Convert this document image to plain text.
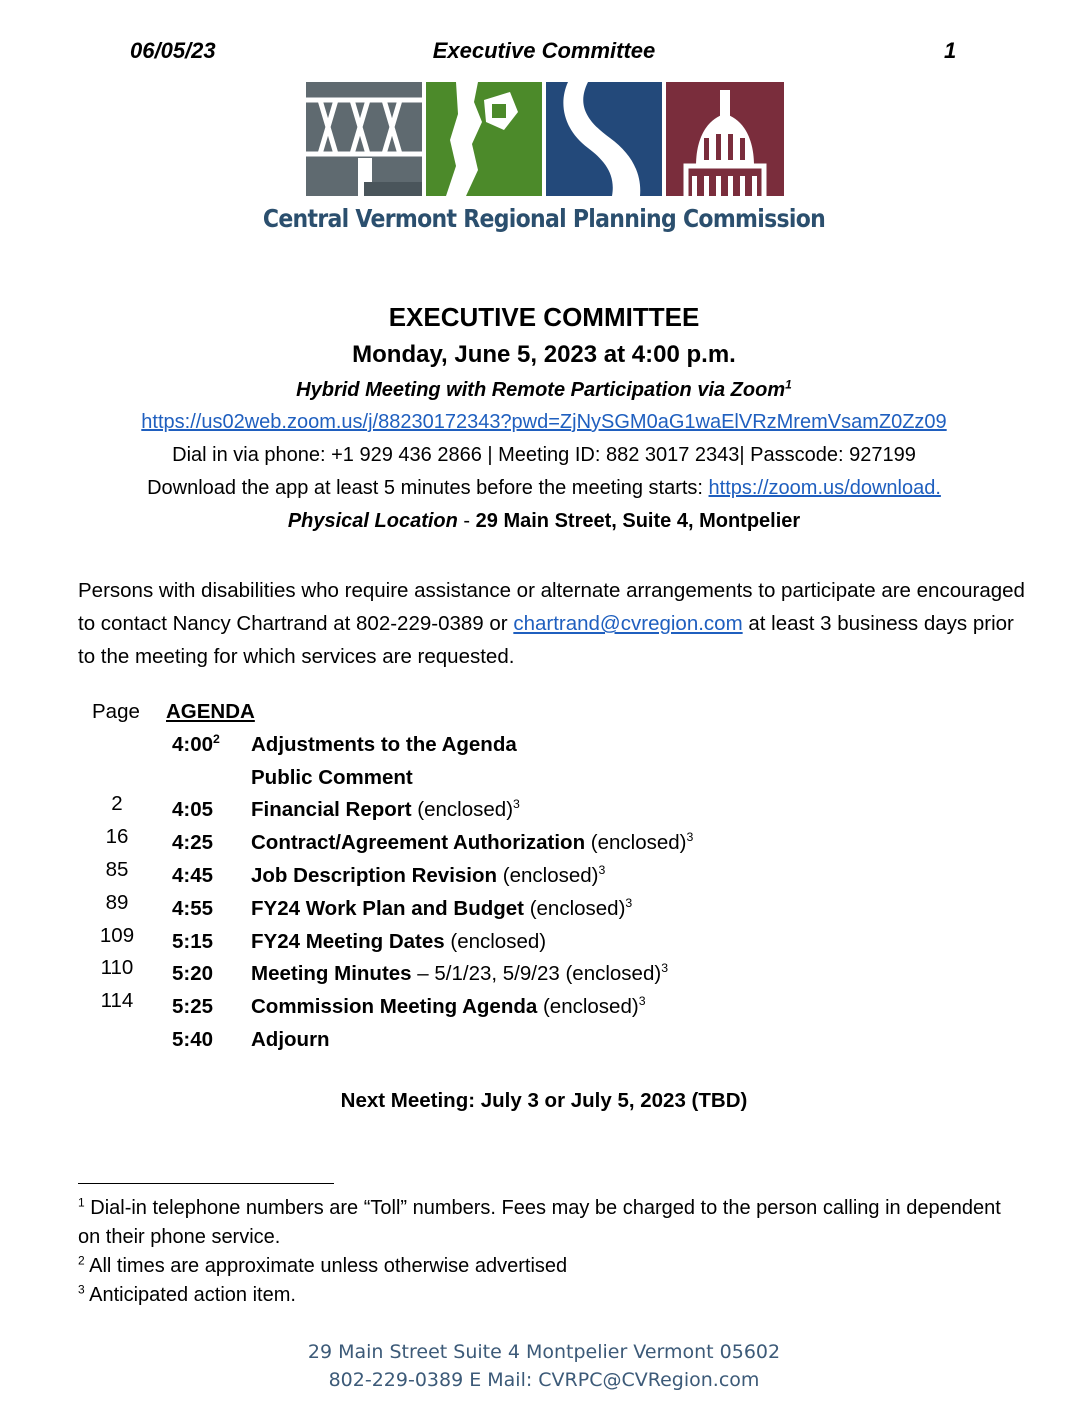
06/05/23	Executive Committee	1
Central Vermont Regional Planning Commission
EXECUTIVE COMMITTEE
Monday, June 5, 2023 at 4:00 p.m.
Hybrid Meeting with Remote Participation via Zoom$^1$
https://us02web.zoom.us/j/88230172343?pwd=ZjNySGM0aG1waElVRzMremVsamZ0Zz09
Dial in via phone: +1 929 436 2866 | Meeting ID: 882 3017 2343| Passcode: 927199
Download the app at least 5 minutes before the meeting starts: https://zoom.us/download.
Physical Location - 29 Main Street, Suite 4, Montpelier
Persons with disabilities who require assistance or alternate arrangements to participate are encouraged to contact Nancy Chartrand at 802-229-0389 or chartrand@cvregion.com at least 3 business days prior to the meeting for which services are requested.
Page AGENDA
$4:00^2$ Adjustments to the Agenda
Public Comment
2	4:05 Financial Report (enclosed)$^3$
16	4:25 Contract/Agreement Authorization (enclosed)$^3$
85	4:45 Job Description Revision (enclosed)$^3$
89	4:55 FY24 Work Plan and Budget (enclosed)$^3$
109	5:15 FY24 Meeting Dates (enclosed)
110	5:20 Meeting Minutes – 5/1/23, 5/9/23 (enclosed)$^3$
114	5:25 Commission Meeting Agenda (enclosed)$^3$
5:40 Adjourn
Next Meeting: July 3 or July 5, 2023 (TBD)
$^1$ Dial-in telephone numbers are “Toll” numbers. Fees may be charged to the person calling in dependent on their phone service.
$^2$ All times are approximate unless otherwise advertised
$^3$ Anticipated action item.
29 Main Street Suite 4 Montpelier Vermont 05602
802-229-0389 E Mail: CVRPC@CVRegion.com
